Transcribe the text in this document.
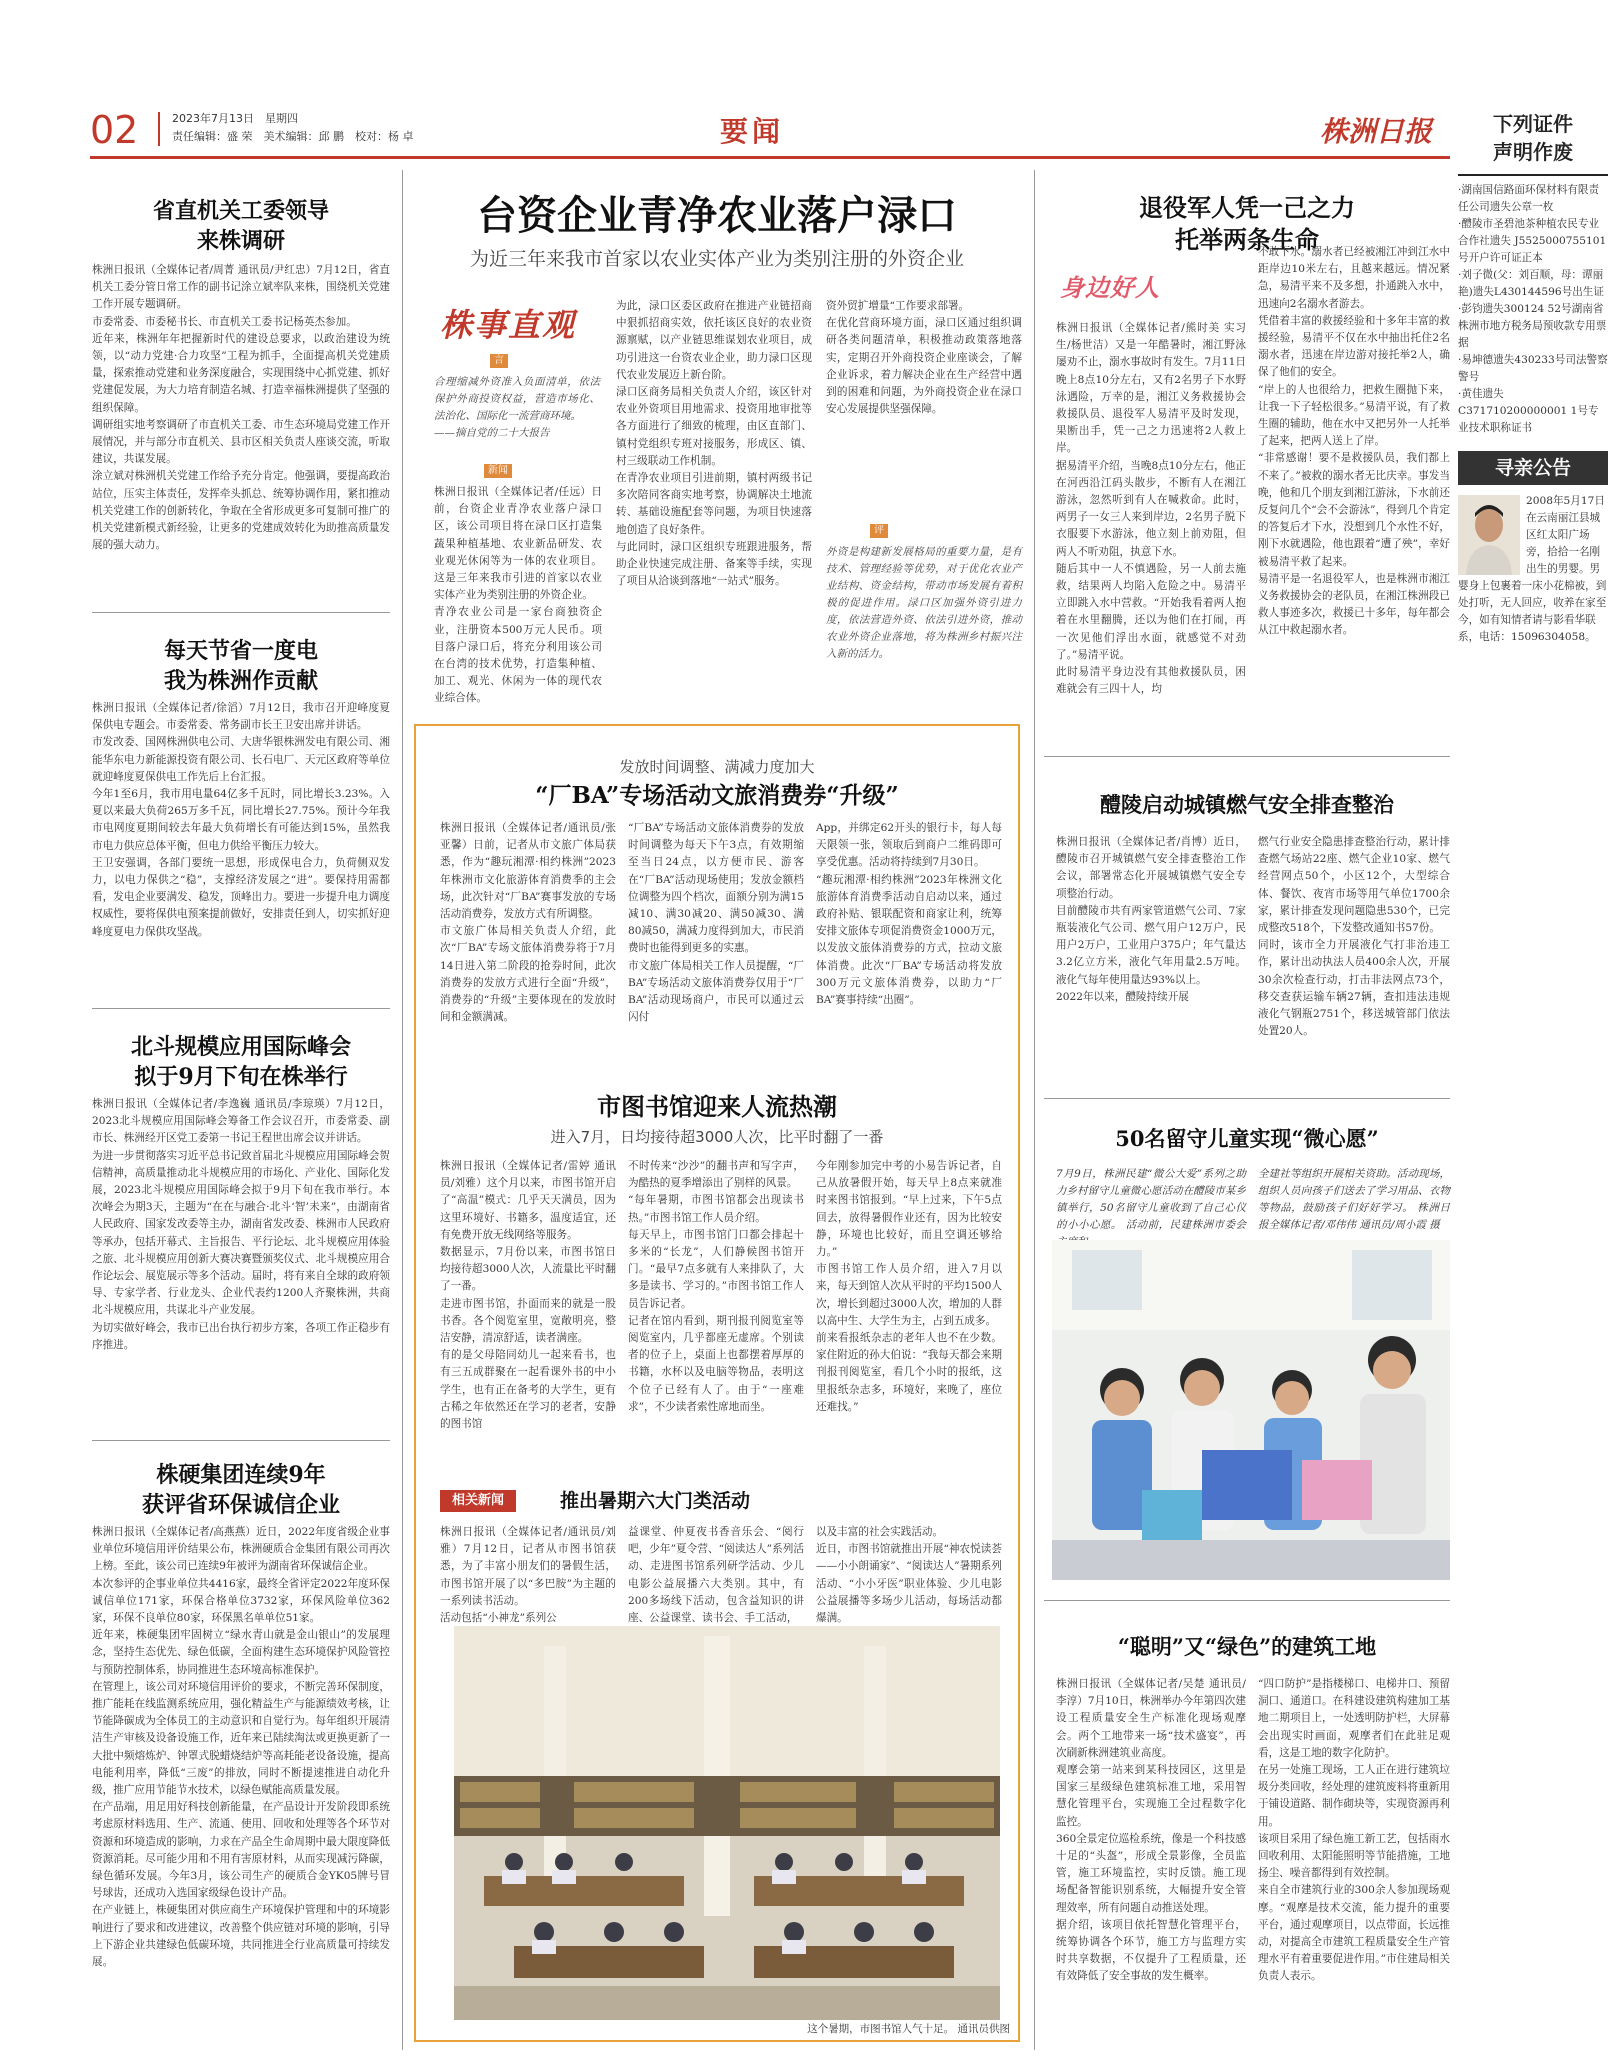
02	2023年7月13日　星期四
责任编辑：盛 荣　美术编辑：邱 鹏　校对：杨 卓	要闻	株洲日报	下列证件
声明作废
·湖南国信路面环保材料有限责任公司遗失公章一枚
·醴陵市圣碧池茶种植农民专业合作社遗失 J5525000755101号开户许可证正本
·刘子微(父：刘百顺，母：谭丽艳)遗失L430144596号出生证
·彭钧遗失300124 52号湖南省株洲市地方税务局预收款专用票据
·易坤德遗失430233号司法警察警号
·黄佳遗失C371710200000001 1号专业技术职称证书
寻亲公告
2008年5月17日在云南丽江县城区红太阳广场旁，拾拾一名刚出生的男婴。男婴身上包裹着一床小花棉被，到处打听，无人回应，收养在家至今，如有知情者请与影看华联系，电话：15096304058。
省直机关工委领导
来株调研
株洲日报讯（全媒体记者/周菁 通讯员/尹红忠）7月12日，省直机关工委分管日常工作的副书记涂立斌率队来株，围绕机关党建工作开展专题调研。
市委常委、市委秘书长、市直机关工委书记杨英杰参加。
近年来，株洲年年把握新时代的建设总要求，以政治建设为统领，以“动力党建·合力攻坚”工程为抓手，全面提高机关党建质量，探索推动党建和业务深度融合，实现围绕中心抓党建、抓好党建促发展，为大力培育制造名城、打造幸福株洲提供了坚强的组织保障。
调研组实地考察调研了市直机关工委、市生态环境局党建工作开展情况，并与部分市直机关、县市区相关负责人座谈交流，听取建议，共谋发展。
涂立斌对株洲机关党建工作给予充分肯定。他强调，要提高政治站位，压实主体责任，发挥牵头抓总、统筹协调作用，紧扣推动机关党建工作的创新转化，争取在全省形成更多可复制可推广的机关党建新模式新经验，让更多的党建成效转化为助推高质量发展的强大动力。
每天节省一度电
我为株洲作贡献
株洲日报讯（全媒体记者/徐滔）7月12日，我市召开迎峰度夏保供电专题会。市委常委、常务副市长王卫安出席并讲话。
市发改委、国网株洲供电公司、大唐华银株洲发电有限公司、湘能华东电力新能源投资有限公司、长石电厂、天元区政府等单位就迎峰度夏保供电工作先后上台汇报。
今年1至6月，我市用电量64亿多千瓦时，同比增长3.23%。入夏以来最大负荷265万多千瓦，同比增长27.75%。预计今年我市电网度夏期间较去年最大负荷增长有可能达到15%，虽然我市电力供应总体平衡，但电力供给平衡压力较大。
王卫安强调，各部门要统一思想，形成保电合力，负荷侧双发力，以电力保供之“稳”，支撑经济发展之“进”。要保持用需都看，发电企业要满发、稳发，顶峰出力。要进一步提升电力调度权威性，要将保供电预案提前做好，安排责任到人，切实抓好迎峰度夏电力保供攻坚战。
北斗规模应用国际峰会
拟于9月下旬在株举行
株洲日报讯（全媒体记者/李逸巍 通讯员/李琼瑛）7月12日，2023北斗规模应用国际峰会筹备工作会议召开，市委常委、副市长、株洲经开区党工委第一书记王程世出席会议并讲话。
为进一步贯彻落实习近平总书记致首届北斗规模应用国际峰会贺信精神，高质量推动北斗规模应用的市场化、产业化、国际化发展，2023北斗规模应用国际峰会拟于9月下旬在我市举行。本次峰会为期3天，主题为“在在与融合·北斗‘智’未来”，由湖南省人民政府、国家发改委等主办，湖南省发改委、株洲市人民政府等承办，包括开幕式、主旨报告、平行论坛、北斗规模应用体验之旅、北斗规模应用创新大赛决赛暨颁奖仪式、北斗规模应用合作论坛会、展览展示等多个活动。届时，将有来自全球的政府领导、专家学者、行业龙头、企业代表约1200人齐聚株洲，共商北斗规模应用，共谋北斗产业发展。
为切实做好峰会，我市已出台执行初步方案，各项工作正稳步有序推进。
株硬集团连续9年
获评省环保诚信企业
株洲日报讯（全媒体记者/高燕燕）近日，2022年度省级企业事业单位环境信用评价结果公布，株洲硬质合金集团有限公司再次上榜。至此，该公司已连续9年被评为湖南省环保诚信企业。
本次参评的企事业单位共4416家，最终全省评定2022年度环保诚信单位171家，环保合格单位3732家，环保风险单位362家，环保不良单位80家，环保黑名单单位51家。
近年来，株硬集团牢固树立“绿水青山就是金山银山”的发展理念，坚持生态优先、绿色低碳，全面构建生态环境保护风险管控与预防控制体系，协同推进生态环境高标准保护。
在管理上，该公司对环境信用评价的要求，不断完善环保制度，推广能耗在线监测系统应用，强化精益生产与能源绩效考核，让节能降碳成为全体员工的主动意识和自觉行为。每年组织开展清洁生产审核及设备设施工作，近年来已陆续淘汰或更换更新了一大批中频熔炼炉、钟罩式脱蜡烧结炉等高耗能老设备设施，提高电能利用率，降低“三废”的排放，同时不断提速推进自动化升级，推广应用节能节水技术，以绿色赋能高质量发展。
在产品端，用足用好科技创新能量，在产品设计开发阶段即系统考虑原材料选用、生产、流通、使用、回收和处理等各个环节对资源和环境造成的影响，力求在产品全生命周期中最大限度降低资源消耗。尽可能少用和不用有害原材料，从而实现减污降碳，绿色循环发展。今年3月，该公司生产的硬质合金YK05牌号冒号球齿，还成功入选国家级绿色设计产品。
在产业链上，株硬集团对供应商生产环境保护管理和中的环境影响进行了要求和改进建议，改善整个供应链对环境的影响，引导上下游企业共建绿色低碳环境，共同推进全行业高质量可持续发展。
台资企业青净农业落户渌口
为近三年来我市首家以农业实体产业为类别注册的外资企业
株事直观
言
合理缩减外资准入负面清单，依法保护外商投资权益，营造市场化、法治化、国际化一流营商环境。
——摘自党的二十大报告
新闻
株洲日报讯（全媒体记者/任远）日前，台资企业青净农业落户渌口区，该公司项目将在渌口区打造集蔬果种植基地、农业新品研发、农业观光休闲等为一体的农业项目。这是三年来我市引进的首家以农业实体产业为类别注册的外资企业。
青净农业公司是一家台商独资企业，注册资本500万元人民币。项目落户渌口后，将充分利用该公司在台湾的技术优势，打造集种植、加工、观光、休闲为一体的现代农业综合体。
为此，渌口区委区政府在推进产业链招商中狠抓招商实效，依托该区良好的农业资源禀赋，以产业链思维谋划农业项目，成功引进这一台资农业企业，助力渌口区现代农业发展迈上新台阶。
渌口区商务局相关负责人介绍，该区针对农业外资项目用地需求、投资用地审批等各方面进行了细致的梳理，由区直部门、镇村党组织专班对接服务，形成区、镇、村三级联动工作机制。
在青净农业项目引进前期，镇村两级书记多次陪同客商实地考察，协调解决土地流转、基础设施配套等问题，为项目快速落地创造了良好条件。
与此同时，渌口区组织专班跟进服务，帮助企业快速完成注册、备案等手续，实现了项目从洽谈到落地“一站式”服务。
资外贸扩增量“工作要求部署。
在优化营商环境方面，渌口区通过组织调研各类问题清单，积极推动政策落地落实，定期召开外商投资企业座谈会，了解企业诉求，着力解决企业在生产经营中遇到的困难和问题，为外商投资企业在渌口安心发展提供坚强保障。
评
外资是构建新发展格局的重要力量，是有技术、管理经验等优势，对于优化农业产业结构、资金结构，带动市场发展有着积极的促进作用。渌口区加强外资引进力度，依法营造外资、依法引进外资，推动农业外资企业落地，将为株洲乡村振兴注入新的活力。
发放时间调整、满减力度加大
“厂BA”专场活动文旅消费券“升级”
株洲日报讯（全媒体记者/通讯员/张亚馨）日前，记者从市文旅广体局获悉，作为“趣玩湘潭·相约株洲”2023年株洲市文化旅游体育消费季的主会场，此次针对“厂BA”赛事发放的专场活动消费券，发放方式有所调整。
市文旅广体局相关负责人介绍，此次“厂BA”专场文旅体消费券将于7月14日进入第二阶段的抢券时间，此次消费券的发放方式进行全面“升级”，消费券的“升级”主要体现在的发放时间和金额满减。
“厂BA”专场活动文旅体消费券的发放时间调整为每天下午3点，有效期缩至当日24点，以方便市民、游客在“厂BA”活动现场使用；发放金额档位调整为四个档次，面额分别为满15减10、满30减20、满50减30、满80减50，满减力度得到加大，市民消费时也能得到更多的实惠。
市文旅广体局相关工作人员提醒，“厂BA”专场活动文旅体消费券仅用于“厂BA”活动现场商户，市民可以通过云闪付
App，并绑定62开头的银行卡，每人每天限领一张，领取后到商户二维码即可享受优惠。活动将持续到7月30日。
“趣玩湘潭·相约株洲”2023年株洲文化旅游体育消费季活动自启动以来，通过政府补贴、银联配资和商家让利，统筹安排文旅体专项促消费资金1000万元，以发放文旅体消费券的方式，拉动文旅体消费。此次“厂BA”专场活动将发放300万元文旅体消费券，以助力“厂BA”赛事持续“出圈”。
市图书馆迎来人流热潮
进入7月，日均接待超3000人次，比平时翻了一番
株洲日报讯（全媒体记者/雷婷 通讯员/刘雅）这个月以来，市图书馆开启了“高温”模式：几乎天天满员，因为这里环境好、书籍多，温度适宜，还有免费开放无线网络等服务。
数据显示，7月份以来，市图书馆日均接待超3000人次，人流量比平时翻了一番。
走进市图书馆，扑面而来的就是一股书香。各个阅览室里，宽敞明亮，整洁安静，清凉舒适，读者满座。
有的是父母陪同幼儿一起来看书，也有三五成群聚在一起看课外书的中小学生，也有正在备考的大学生，更有古稀之年依然还在学习的老者，安静的图书馆
不时传来“沙沙”的翻书声和写字声，为酷热的夏季增添出了别样的风景。
“每年暑期，市图书馆都会出现读书热。”市图书馆工作人员介绍。
每天早上，市图书馆门口都会排起十多米的“长龙”，人们静候图书馆开门。“最早7点多就有人来排队了，大多是读书、学习的。”市图书馆工作人员告诉记者。
记者在馆内看到，期刊报刊阅览室等阅览室内，几乎都座无虚席。个别读者的位子上，桌面上也都摆着厚厚的书籍，水杯以及电脑等物品，表明这个位子已经有人了。由于“一座难求”，不少读者索性席地而坐。
今年刚参加完中考的小易告诉记者，自己从放暑假开始，每天早上8点来就准时来图书馆报到。“早上过来，下午5点回去，放得暑假作业还有，因为比较安静，环境也比较好，而且空调还够给力。”
市图书馆工作人员介绍，进入7月以来，每天到馆人次从平时的平均1500人次，增长到超过3000人次，增加的人群以高中生、大学生为主，占到五成多。
前来看报纸杂志的老年人也不在少数。家住附近的孙大伯说：“我每天都会来期刊报刊阅览室，看几个小时的报纸，这里报纸杂志多，环境好，来晚了，座位还难找。”
相关新闻	推出暑期六大门类活动
株洲日报讯（全媒体记者/通讯员/刘雅）7月12日，记者从市图书馆获悉，为了丰富小朋友们的暑假生活，市图书馆开展了以“多巴胺”为主题的一系列读书活动。
活动包括“小神龙”系列公
益课堂、仲夏夜书香音乐会、“阅行吧，少年”夏令营、“阅读达人”系列活动、走进图书馆系列研学活动、少儿电影公益展播六大类别。其中，有200多场线下活动，包含益知识的讲座、公益课堂、读书会、手工活动，
以及丰富的社会实践活动。
近日，市图书馆就推出开展“神农悦读荟——小小朗诵家”、“阅读达人”暑期系列活动、“小小牙医”职业体验、少儿电影公益展播等多场少儿活动，每场活动都爆满。
这个暑期，市图书馆人气十足。 通讯员供图
退役军人凭一己之力
托举两条生命
身边好人
株洲日报讯（全媒体记者/熊时美 实习生/杨世洁）又是一年酷暑时，湘江野泳屡劝不止，溺水事故时有发生。7月11日晚上8点10分左右，又有2名男子下水野泳遇险，万幸的是，湘江义务救援协会救援队员、退役军人易清平及时发现，果断出手，凭一己之力迅速将2人救上岸。
据易清平介绍，当晚8点10分左右，他正在河西沿江码头散步，不断有人在湘江游泳，忽然听到有人在喊救命。此时，两男子一女三人来到岸边，2名男子脱下衣服要下水游泳，他立刻上前劝阻，但两人不听劝阻，执意下水。
随后其中一人不慎遇险，另一人前去施救，结果两人均陷入危险之中。易清平立即跳入水中营救。“开始我看着两人抱着在水里翻腾，还以为他们在打闹，再一次见他们浮出水面，就感觉不对劲了。”易清平说。
此时易清平身边没有其他救援队员，困难就会有三四十人，均
不敢下水。溺水者已经被湘江冲到江水中距岸边10米左右，且越来越远。情况紧急，易清平来不及多想，扑通跳入水中，迅速向2名溺水者游去。
凭借着丰富的救援经验和十多年丰富的救援经验，易清平不仅在水中抽出托住2名溺水者，迅速在岸边游对接托举2人，确保了他们的安全。
“岸上的人也很给力，把救生圈抛下来，让我一下子轻松很多。”易清平说，有了救生圈的辅助，他在水中又把另外一人托举了起来，把两人送上了岸。
“非常感谢！要不是救援队员，我们都上不来了。”被救的溺水者无比庆幸。事发当晚，他和几个朋友到湘江游泳，下水前还反复问几个“会不会游泳”，得到几个肯定的答复后才下水，没想到几个水性不好，刚下水就遇险，他也跟着“遭了殃”，幸好被易清平救了起来。
易清平是一名退役军人，也是株洲市湘江义务救援协会的老队员，在湘江株洲段已救人事迹多次，救援已十多年，每年都会从江中救起溺水者。
醴陵启动城镇燃气安全排查整治
株洲日报讯（全媒体记者/肖博）近日，醴陵市召开城镇燃气安全排查整治工作会议，部署常态化开展城镇燃气安全专项整治行动。
目前醴陵市共有两家管道燃气公司、7家瓶装液化气公司、燃气用户12万户，民用户2万户，工业用户375户；年气量达3.2亿立方米，液化气年用量2.5万吨。液化气每年使用量达93%以上。
2022年以来，醴陵持续开展
燃气行业安全隐患排查整治行动，累计排查燃气场站22座、燃气企业10家、燃气经营网点50个，小区12个，大型综合体、餐饮、夜宵市场等用气单位1700余家，累计排查发现问题隐患530个，已完成整改518个，下发整改通知书57份。
同时，该市全力开展液化气打非治违工作，累计出动执法人员400余人次，开展30余次检查行动，打击非法网点73个，移交查获运输车辆27辆，查扣违法违规液化气钢瓶2751个，移送城管部门依法处置20人。
50名留守儿童实现“微心愿”
7月9日，株洲民建“微公大爱”系列之助力乡村留守儿童微心愿活动在醴陵市某乡镇举行，50名留守儿童收到了自己心仪的小小心愿。 活动前，民建株洲市委会
全建社等组织开展相关资助。活动现场，组织人员向孩子们送去了学习用品、衣物等物品，鼓励孩子们好好学习。 株洲日报全媒体记者/邓伟伟 通讯员/周小霞 摄
“聪明”又“绿色”的建筑工地
株洲日报讯（全媒体记者/吴楚 通讯员/李淳）7月10日，株洲举办今年第四次建设工程质量安全生产标准化现场观摩会。两个工地带来一场“技术盛宴”，再次刷新株洲建筑业高度。
观摩会第一站来到某科技园区，这里是国家三星级绿色建筑标准工地，采用智慧化管理平台，实现施工全过程数字化监控。
360全景定位巡检系统，像是一个科技感十足的“头盔”，形成全景影像，全员监管，施工环境监控，实时反馈。施工现场配备智能识别系统，大幅提升安全管理效率，所有问题自动推送处理。
据介绍，该项目依托智慧化管理平台，统筹协调各个环节，施工方与监理方实时共享数据，不仅提升了工程质量，还有效降低了安全事故的发生概率。
“四口防护”是指楼梯口、电梯井口、预留洞口、通道口。在科建设建筑构建加工基地二期项目上，一处透明防护栏，大屏幕会出现实时画面，观摩者们在此驻足观看，这是工地的数字化防护。
在另一处施工现场，工人正在进行建筑垃圾分类回收，经处理的建筑废料将重新用于铺设道路、制作砌块等，实现资源再利用。
该项目采用了绿色施工新工艺，包括雨水回收利用、太阳能照明等节能措施，工地扬尘、噪音都得到有效控制。
来自全市建筑行业的300余人参加现场观摩。“观摩是技术交流，能力提升的重要平台，通过观摩项目，以点带面，长远推动，对提高全市建筑工程质量安全生产管理水平有着重要促进作用。”市住建局相关负责人表示。
